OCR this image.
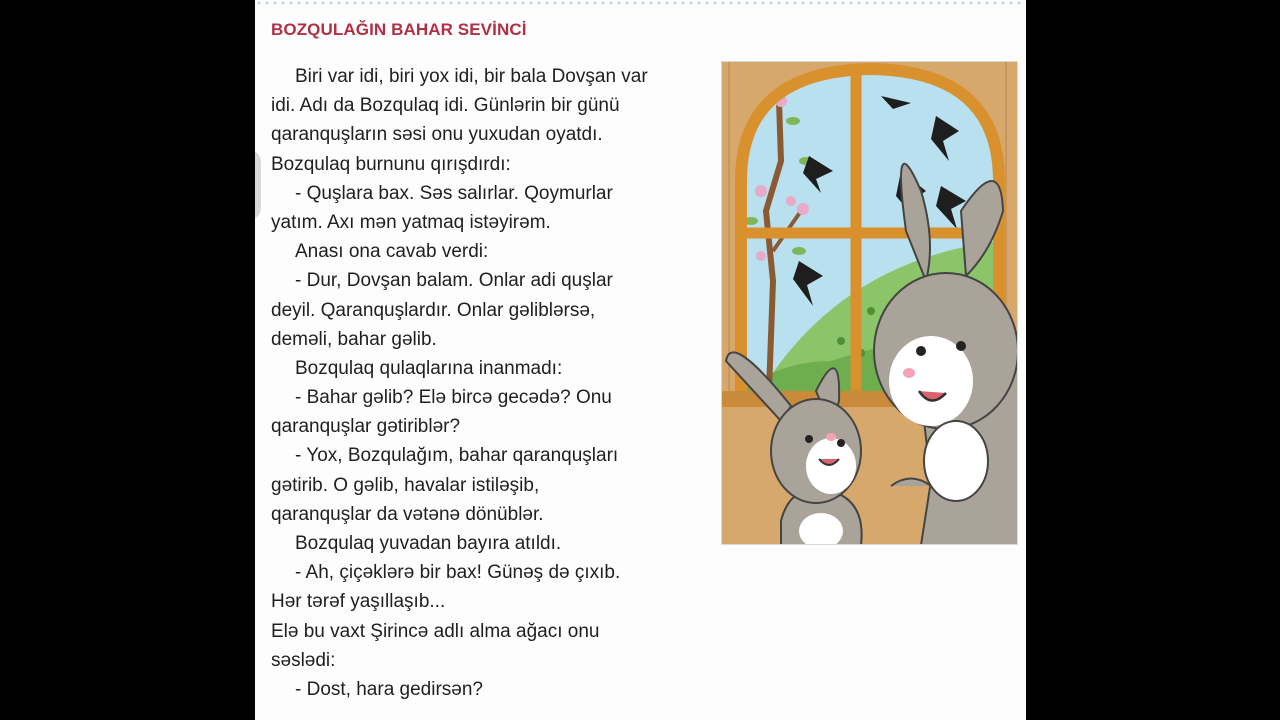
BOZQULAĞIN BAHAR SEVİNCİ
Biri var idi, biri yox idi, bir bala Dovşan var
idi. Adı da Bozqulaq idi. Günlərin bir günü
qaranquşların səsi onu yuxudan oyatdı.
Bozqulaq burnunu qırışdırdı:
- Quşlara bax. Səs salırlar. Qoymurlar
yatım. Axı mən yatmaq istəyirəm.
Anası ona cavab verdi:
- Dur, Dovşan balam. Onlar adi quşlar
deyil. Qaranquşlardır. Onlar gəliblərsə,
deməli, bahar gəlib.
Bozqulaq qulaqlarına inanmadı:
- Bahar gəlib? Elə bircə gecədə? Onu
qaranquşlar gətiriblər?
- Yox, Bozqulağım, bahar qaranquşları
gətirib. O gəlib, havalar istiləşib,
qaranquşlar da vətənə dönüblər.
Bozqulaq yuvadan bayıra atıldı.
- Ah, çiçəklərə bir bax! Günəş də çıxıb.
Hər tərəf yaşıllaşıb...
Elə bu vaxt Şirincə adlı alma ağacı onu
səslədi:
- Dost, hara gedirsən?
